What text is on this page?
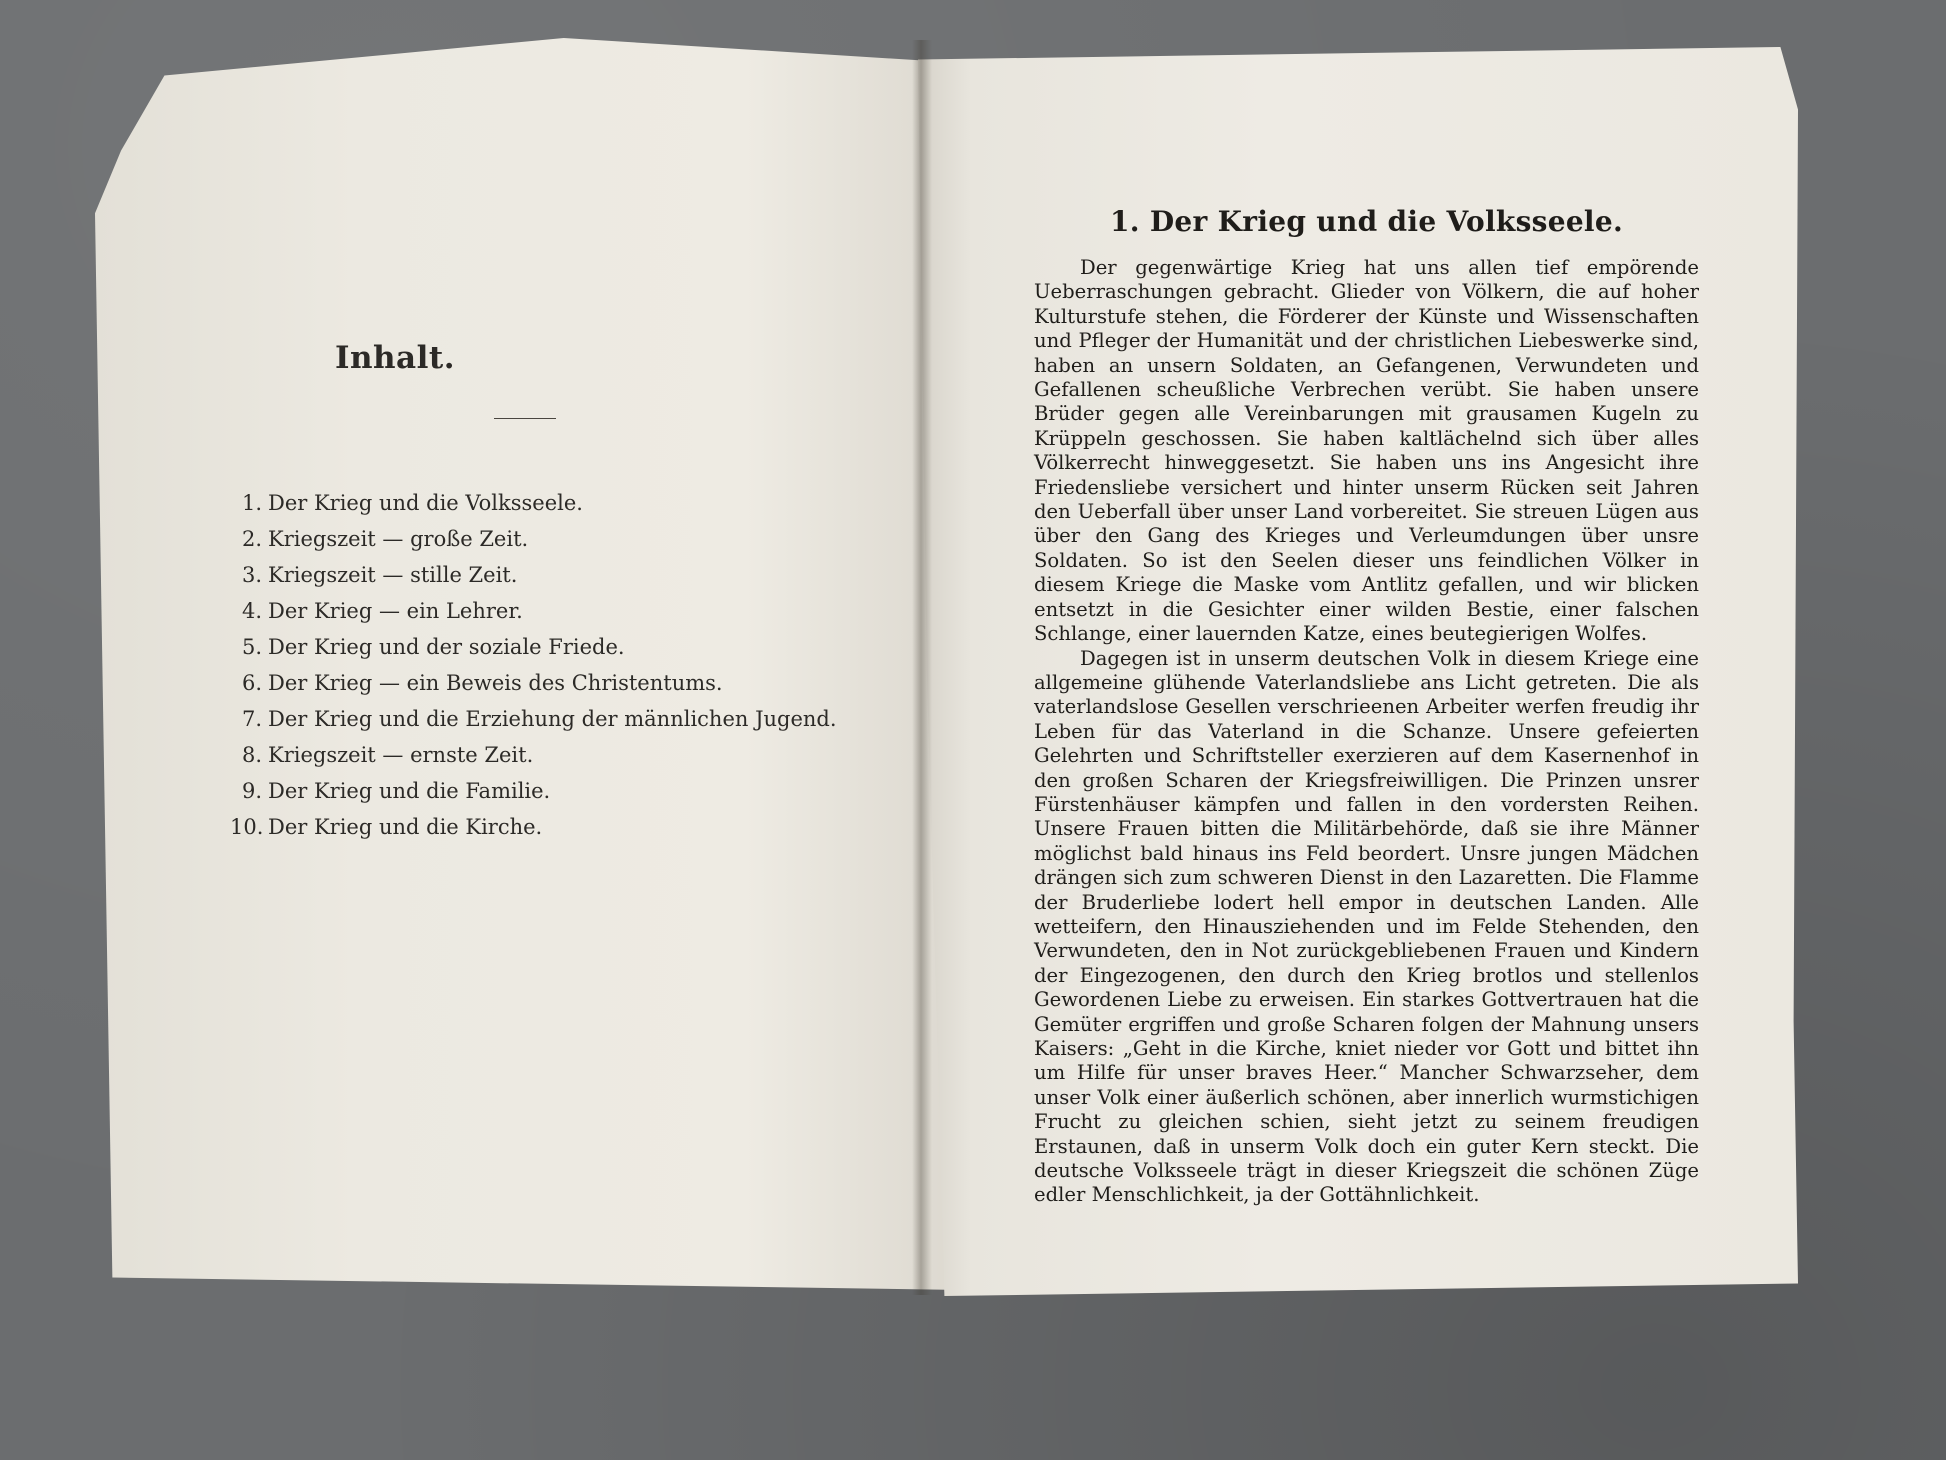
Inhalt.
1. Der Krieg und die Volksseele.
2. Kriegszeit — große Zeit.
3. Kriegszeit — stille Zeit.
4. Der Krieg — ein Lehrer.
5. Der Krieg und der soziale Friede.
6. Der Krieg — ein Beweis des Christentums.
7. Der Krieg und die Erziehung der männlichen Jugend.
8. Kriegszeit — ernste Zeit.
9. Der Krieg und die Familie.
10. Der Krieg und die Kirche.
1. Der Krieg und die Volksseele.

Der gegenwärtige Krieg hat uns allen tief empörende Ueberraschungen gebracht. Glieder von Völkern, die auf hoher Kulturstufe stehen, die Förderer der Künste und Wissenschaften und Pfleger der Humanität und der christlichen Liebeswerke sind, haben an unsern Soldaten, an Gefangenen, Verwundeten und Gefallenen scheußliche Verbrechen verübt. Sie haben unsere Brüder gegen alle Vereinbarungen mit grausamen Kugeln zu Krüppeln geschossen. Sie haben kaltlächelnd sich über alles Völkerrecht hinweggesetzt. Sie haben uns ins Angesicht ihre Friedensliebe versichert und hinter unserm Rücken seit Jahren den Ueberfall über unser Land vorbereitet. Sie streuen Lügen aus über den Gang des Krieges und Verleumdungen über unsre Soldaten. So ist den Seelen dieser uns feindlichen Völker in diesem Kriege die Maske vom Antlitz gefallen, und wir blicken entsetzt in die Gesichter einer wilden Bestie, einer falschen Schlange, einer lauernden Katze, eines beutegierigen Wolfes.

Dagegen ist in unserm deutschen Volk in diesem Kriege eine allgemeine glühende Vaterlandsliebe ans Licht getreten. Die als vaterlandslose Gesellen verschrieenen Arbeiter werfen freudig ihr Leben für das Vaterland in die Schanze. Unsere gefeierten Gelehrten und Schriftsteller exerzieren auf dem Kasernenhof in den großen Scharen der Kriegsfreiwilligen. Die Prinzen unsrer Fürstenhäuser kämpfen und fallen in den vordersten Reihen. Unsere Frauen bitten die Militärbehörde, daß sie ihre Männer möglichst bald hinaus ins Feld beordert. Unsre jungen Mädchen drängen sich zum schweren Dienst in den Lazaretten. Die Flamme der Bruderliebe lodert hell empor in deutschen Landen. Alle wetteifern, den Hinausziehenden und im Felde Stehenden, den Verwundeten, den in Not zurückgebliebenen Frauen und Kindern der Eingezogenen, den durch den Krieg brotlos und stellenlos Gewordenen Liebe zu erweisen. Ein starkes Gottvertrauen hat die Gemüter ergriffen und große Scharen folgen der Mahnung unsers Kaisers: „Geht in die Kirche, kniet nieder vor Gott und bittet ihn um Hilfe für unser braves Heer.“ Mancher Schwarzseher, dem unser Volk einer äußerlich schönen, aber innerlich wurmstichigen Frucht zu gleichen schien, sieht jetzt zu seinem freudigen Erstaunen, daß in unserm Volk doch ein guter Kern steckt. Die deutsche Volksseele trägt in dieser Kriegszeit die schönen Züge edler Menschlichkeit, ja der Gottähnlichkeit.
